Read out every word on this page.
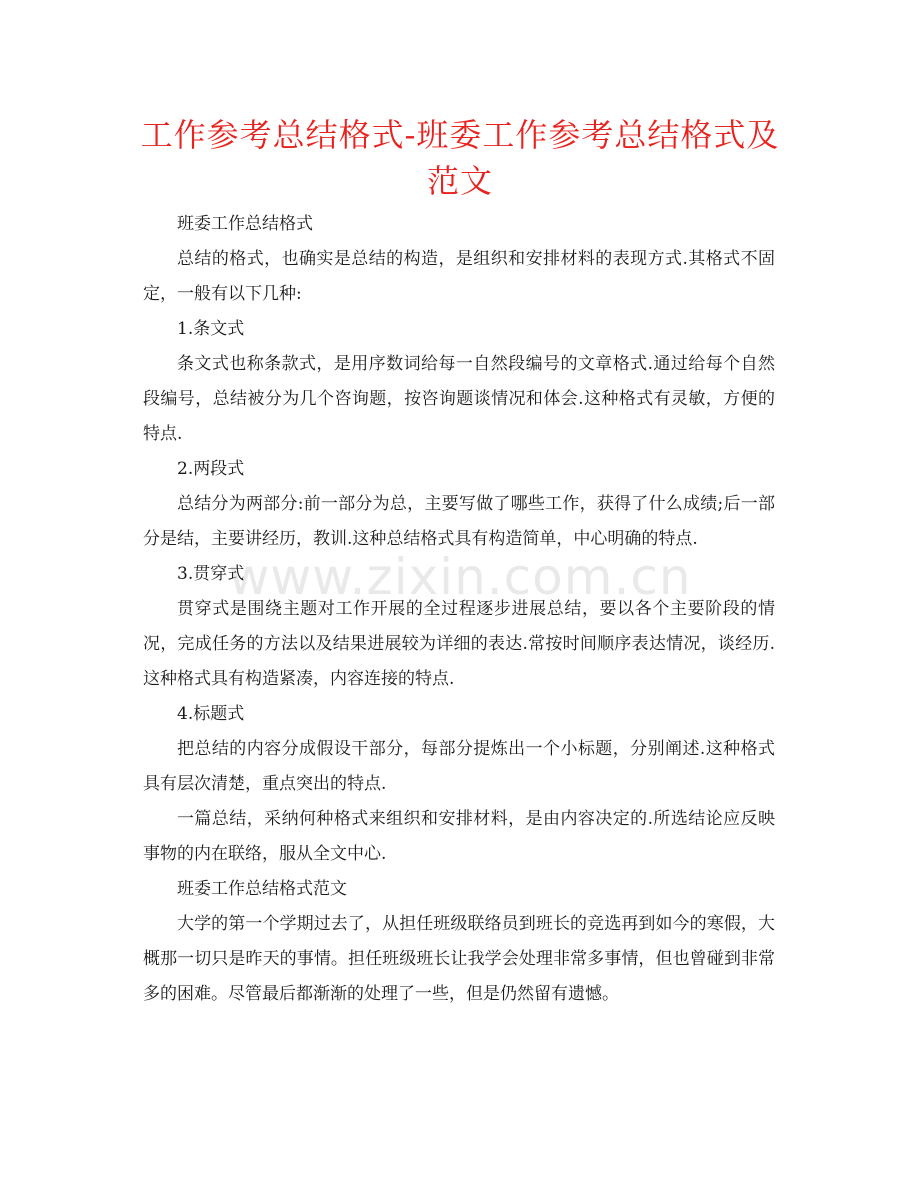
工作参考总结格式-班委工作参考总结格式及范文

班委工作总结格式

总结的格式，也确实是总结的构造，是组织和安排材料的表现方式.其格式不固定，一般有以下几种:

1.条文式

条文式也称条款式，是用序数词给每一自然段编号的文章格式.通过给每个自然段编号，总结被分为几个咨询题，按咨询题谈情况和体会.这种格式有灵敏，方便的特点.

2.两段式

总结分为两部分:前一部分为总，主要写做了哪些工作，获得了什么成绩;后一部分是结，主要讲经历，教训.这种总结格式具有构造简单，中心明确的特点.

3.贯穿式

贯穿式是围绕主题对工作开展的全过程逐步进展总结，要以各个主要阶段的情况，完成任务的方法以及结果进展较为详细的表达.常按时间顺序表达情况，谈经历.这种格式具有构造紧凑，内容连接的特点.

4.标题式

把总结的内容分成假设干部分，每部分提炼出一个小标题，分别阐述.这种格式具有层次清楚，重点突出的特点.

一篇总结，采纳何种格式来组织和安排材料，是由内容决定的.所选结论应反映事物的内在联络，服从全文中心.

班委工作总结格式范文

大学的第一个学期过去了，从担任班级联络员到班长的竞选再到如今的寒假，大概那一切只是昨天的事情。担任班级班长让我学会处理非常多事情，但也曾碰到非常多的困难。尽管最后都渐渐的处理了一些，但是仍然留有遗憾。

www.zixin.com.cn
